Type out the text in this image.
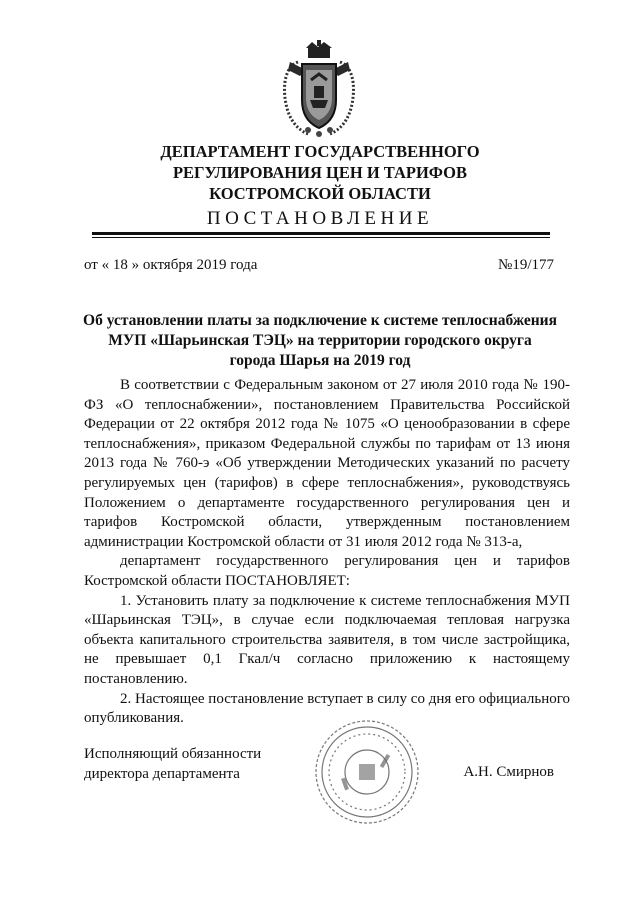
ДЕПАРТАМЕНТ ГОСУДАРСТВЕННОГО
РЕГУЛИРОВАНИЯ ЦЕН И ТАРИФОВ
КОСТРОМСКОЙ ОБЛАСТИ
ПОСТАНОВЛЕНИЕ
от « 18 » октября 2019 года	№19/177
Об установлении платы за подключение к системе теплоснабжения
МУП «Шарьинская ТЭЦ» на территории городского округа
города Шарья на 2019 год

В соответствии с Федеральным законом от 27 июля 2010 года № 190-ФЗ «О теплоснабжении», постановлением Правительства Российской Федерации от 22 октября 2012 года № 1075 «О ценообразовании в сфере теплоснабжения», приказом Федеральной службы по тарифам от 13 июня 2013 года № 760-э «Об утверждении Методических указаний по расчету регулируемых цен (тарифов) в сфере теплоснабжения», руководствуясь Положением о департаменте государственного регулирования цен и тарифов Костромской области, утвержденным постановлением администрации Костромской области от 31 июля 2012 года № 313-а,

департамент государственного регулирования цен и тарифов Костромской области ПОСТАНОВЛЯЕТ:

1. Установить плату за подключение к системе теплоснабжения МУП «Шарьинская ТЭЦ», в случае если подключаемая тепловая нагрузка объекта капитального строительства заявителя, в том числе застройщика, не превышает 0,1 Гкал/ч согласно приложению к настоящему постановлению.

2. Настоящее постановление вступает в силу со дня его официального опубликования.

Исполняющий обязанности
директора департамента	А.Н. Смирнов
